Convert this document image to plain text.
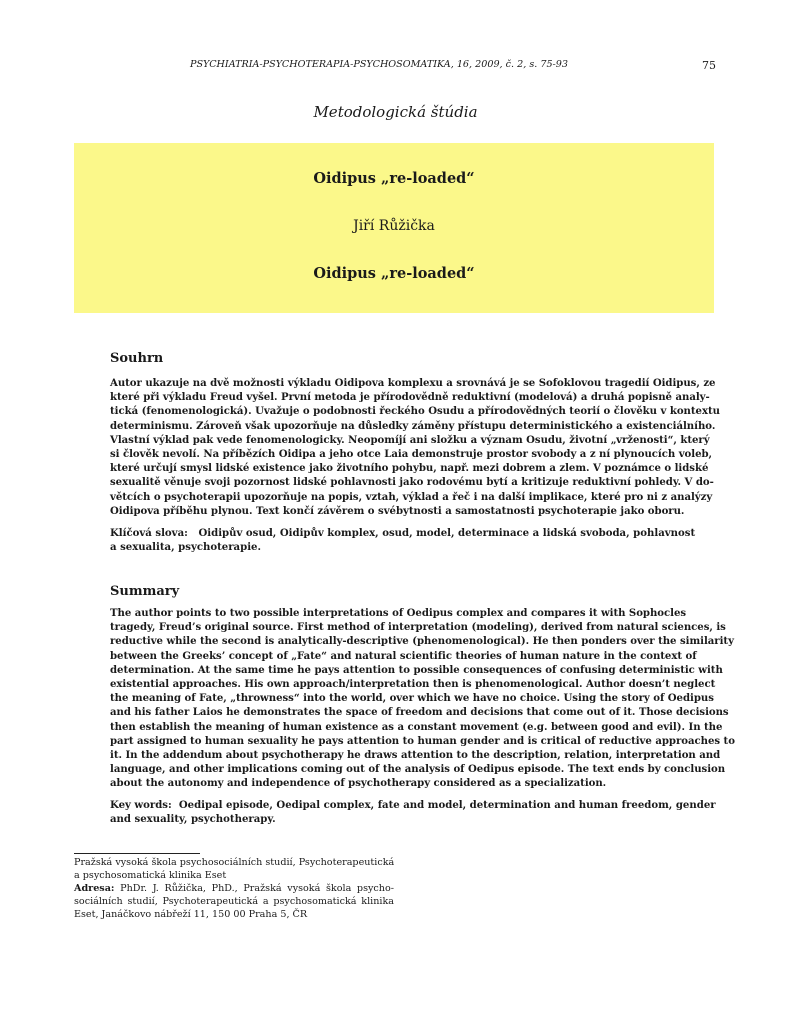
PSYCHIATRIA-PSYCHOTERAPIA-PSYCHOSOMATIKA, 16, 2009, č. 2, s. 75-93	75
Metodologická štúdia
Oidipus „re-loaded“
Jiří Růžička
Oidipus „re-loaded“
Souhrn
Autor ukazuje na dvě možnosti výkladu Oidipova komplexu a srovnává je se Sofoklovou tragedií Oidipus, ze
které při výkladu Freud vyšel. První metoda je přírodovědně reduktivní (modelová) a druhá popisně analy-
tická (fenomenologická). Uvažuje o podobnosti řeckého Osudu a přírodovědných teorií o člověku v kontextu
determinismu. Zároveň však upozorňuje na důsledky záměny přístupu deterministického a existenciálního.
Vlastní výklad pak vede fenomenologicky. Neopomíjí ani složku a význam Osudu, životní „vrženosti“, který
si člověk nevolí. Na příbězích Oidipa a jeho otce Laia demonstruje prostor svobody a z ní plynoucích voleb,
které určují smysl lidské existence jako životního pohybu, např. mezi dobrem a zlem. V poznámce o lidské
sexualitě věnuje svoji pozornost lidské pohlavnosti jako rodovému bytí a kritizuje reduktivní pohledy. V do-
větcích o psychoterapii upozorňuje na popis, vztah, výklad a řeč i na další implikace, které pro ni z analýzy
Oidipova příběhu plynou. Text končí závěrem o svébytnosti a samostatnosti psychoterapie jako oboru.
Klíčová slova: Oidipův osud, Oidipův komplex, osud, model, determinace a lidská svoboda, pohlavnost
a sexualita, psychoterapie.
Summary
The author points to two possible interpretations of Oedipus complex and compares it with Sophocles
tragedy, Freud’s original source. First method of interpretation (modeling), derived from natural sciences, is
reductive while the second is analytically-descriptive (phenomenological). He then ponders over the similarity
between the Greeks’ concept of „Fate“ and natural scientific theories of human nature in the context of
determination. At the same time he pays attention to possible consequences of confusing deterministic with
existential approaches. His own approach/interpretation then is phenomenological. Author doesn’t neglect
the meaning of Fate, „throwness“ into the world, over which we have no choice. Using the story of Oedipus
and his father Laios he demonstrates the space of freedom and decisions that come out of it. Those decisions
then establish the meaning of human existence as a constant movement (e.g. between good and evil). In the
part assigned to human sexuality he pays attention to human gender and is critical of reductive approaches to
it. In the addendum about psychotherapy he draws attention to the description, relation, interpretation and
language, and other implications coming out of the analysis of Oedipus episode. The text ends by conclusion
about the autonomy and independence of psychotherapy considered as a specialization.
Key words: Oedipal episode, Oedipal complex, fate and model, determination and human freedom, gender
and sexuality, psychotherapy.
Pražská vysoká škola psychosociálních studií, Psychoterapeutická
a psychosomatická klinika Eset
Adresa: PhDr. J. Růžička, PhD., Pražská vysoká škola psycho-
sociálních studií, Psychoterapeutická a psychosomatická klinika
Eset, Janáčkovo nábřeží 11, 150 00 Praha 5, ČR
